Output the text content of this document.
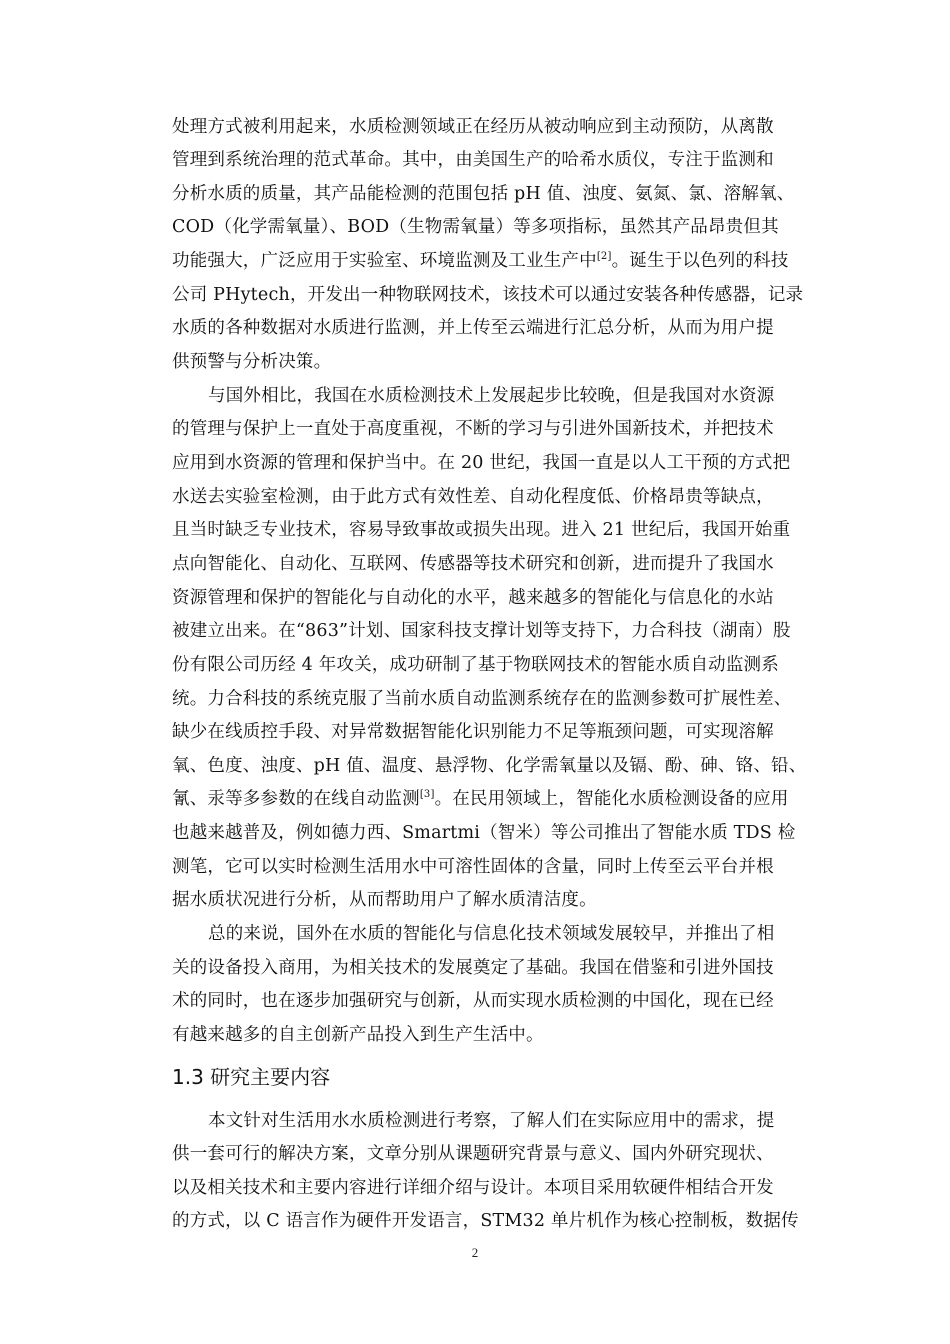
处理方式被利用起来，水质检测领域正在经历从被动响应到主动预防，从离散
管理到系统治理的范式革命。其中，由美国生产的哈希水质仪，专注于监测和
分析水质的质量，其产品能检测的范围包括 pH 值、浊度、氨氮、氯、溶解氧、
COD（化学需氧量）、BOD（生物需氧量）等多项指标，虽然其产品昂贵但其
功能强大，广泛应用于实验室、环境监测及工业生产中[2]。诞生于以色列的科技
公司 PHytech，开发出一种物联网技术，该技术可以通过安装各种传感器，记录
水质的各种数据对水质进行监测，并上传至云端进行汇总分析，从而为用户提
供预警与分析决策。
与国外相比，我国在水质检测技术上发展起步比较晚，但是我国对水资源
的管理与保护上一直处于高度重视，不断的学习与引进外国新技术，并把技术
应用到水资源的管理和保护当中。在 20 世纪，我国一直是以人工干预的方式把
水送去实验室检测，由于此方式有效性差、自动化程度低、价格昂贵等缺点，
且当时缺乏专业技术，容易导致事故或损失出现。进入 21 世纪后，我国开始重
点向智能化、自动化、互联网、传感器等技术研究和创新，进而提升了我国水
资源管理和保护的智能化与自动化的水平，越来越多的智能化与信息化的水站
被建立出来。在“863”计划、国家科技支撑计划等支持下，力合科技（湖南）股
份有限公司历经 4 年攻关，成功研制了基于物联网技术的智能水质自动监测系
统。力合科技的系统克服了当前水质自动监测系统存在的监测参数可扩展性差、
缺少在线质控手段、对异常数据智能化识别能力不足等瓶颈问题，可实现溶解
氧、色度、浊度、pH 值、温度、悬浮物、化学需氧量以及镉、酚、砷、铬、铅、
氰、汞等多参数的在线自动监测[3]。在民用领域上，智能化水质检测设备的应用
也越来越普及，例如德力西、Smartmi（智米）等公司推出了智能水质 TDS 检
测笔，它可以实时检测生活用水中可溶性固体的含量，同时上传至云平台并根
据水质状况进行分析，从而帮助用户了解水质清洁度。
总的来说，国外在水质的智能化与信息化技术领域发展较早，并推出了相
关的设备投入商用，为相关技术的发展奠定了基础。我国在借鉴和引进外国技
术的同时，也在逐步加强研究与创新，从而实现水质检测的中国化，现在已经
有越来越多的自主创新产品投入到生产生活中。
1.3 研究主要内容
本文针对生活用水水质检测进行考察，了解人们在实际应用中的需求，提
供一套可行的解决方案，文章分别从课题研究背景与意义、国内外研究现状、
以及相关技术和主要内容进行详细介绍与设计。本项目采用软硬件相结合开发
的方式，以 C 语言作为硬件开发语言，STM32 单片机作为核心控制板，数据传
2
